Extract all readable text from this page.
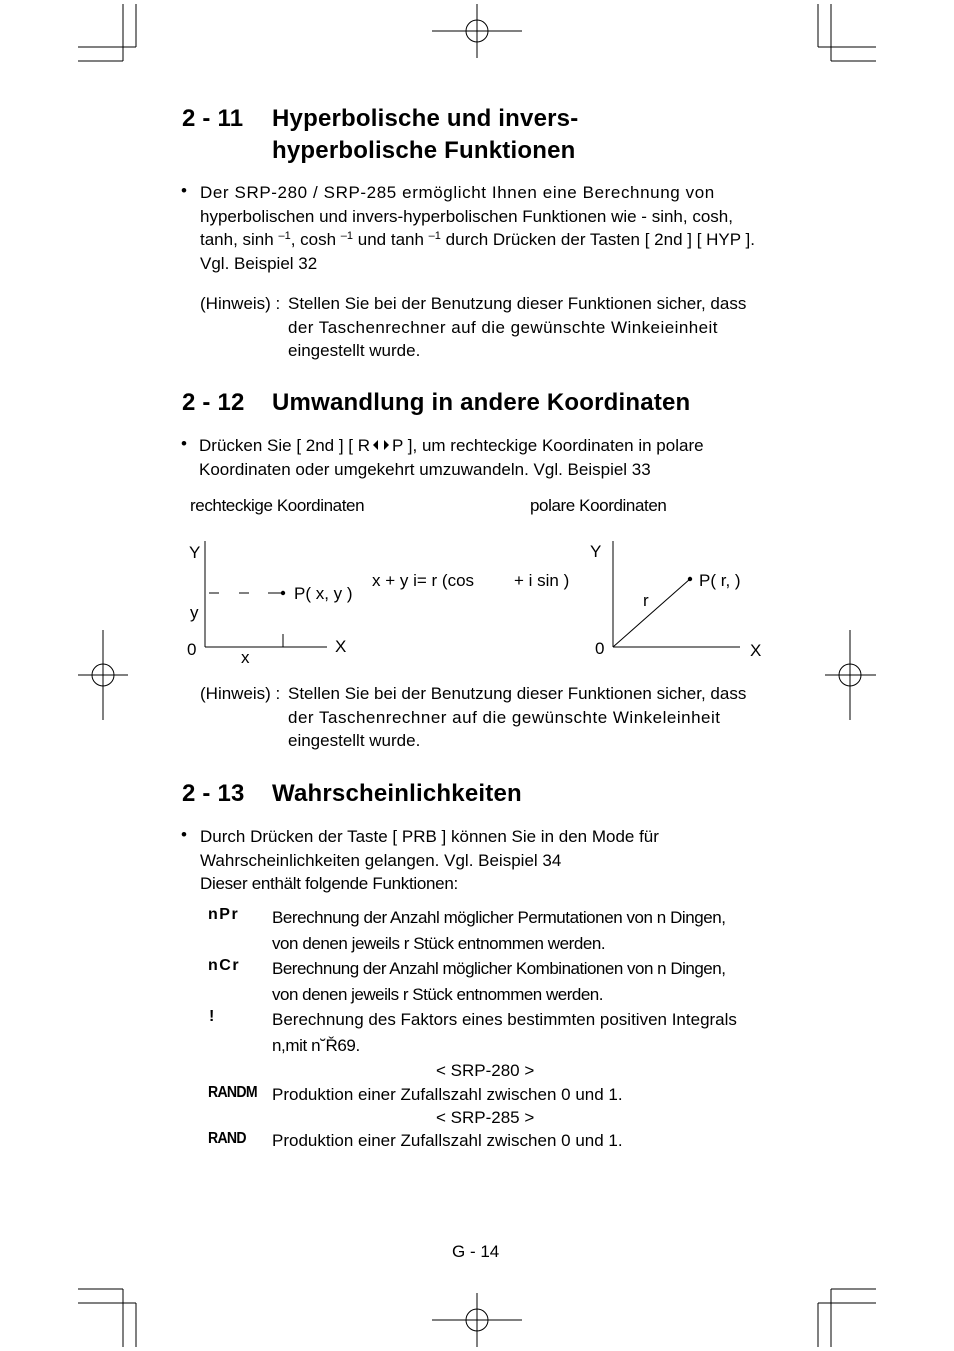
2 - 11 Hyperbolische und invers-
hyperbolische Funktionen
• Der SRP-280 / SRP-285 ermöglicht Ihnen eine Berechnung von
hyperbolischen und invers-hyperbolischen Funktionen wie - sinh, cosh,
tanh, sinh $^{-1}$, cosh $^{-1}$ und tanh $^{-1}$ durch Drücken der Tasten [ 2nd ] [ HYP ].
Vgl. Beispiel 32
(Hinweis) : Stellen Sie bei der Benutzung dieser Funktionen sicher, dass
der Taschenrechner auf die gewünschte Winkeieinheit
eingestellt wurde.
2 - 12 Umwandlung in andere Koordinaten
• Drücken Sie [ 2nd ] [ R P ], um rechteckige Koordinaten in polare
Koordinaten oder umgekehrt umzuwandeln. Vgl. Beispiel 33
rechteckige Koordinaten	polare Koordinaten
Y
y
0	x
X
P( x, y )
x + y i= r (cos + i sin )
Y
0	X
P( r, )
r
(Hinweis) : Stellen Sie bei der Benutzung dieser Funktionen sicher, dass
der Taschenrechner auf die gewünschte Winkeleinheit
eingestellt wurde.
2 - 13 Wahrscheinlichkeiten
• Durch Drücken der Taste [ PRB ] können Sie in den Mode für
Wahrscheinlichkeiten gelangen. Vgl. Beispiel 34
Dieser enthält folgende Funktionen:
nPr Berechnung der Anzahl möglicher Permutationen von n Dingen,
von denen jeweils r Stück entnommen werden.
nCr Berechnung der Anzahl möglicher Kombinationen von n Dingen,
von denen jeweils r Stück entnommen werden.
!	Berechnung des Faktors eines bestimmten positiven Integrals
n,mit n˘Ř69.
< SRP-280 >
RANDM Produktion einer Zufallszahl zwischen 0 und 1.
< SRP-285 >
RAND	Produktion einer Zufallszahl zwischen 0 und 1.
G - 14
